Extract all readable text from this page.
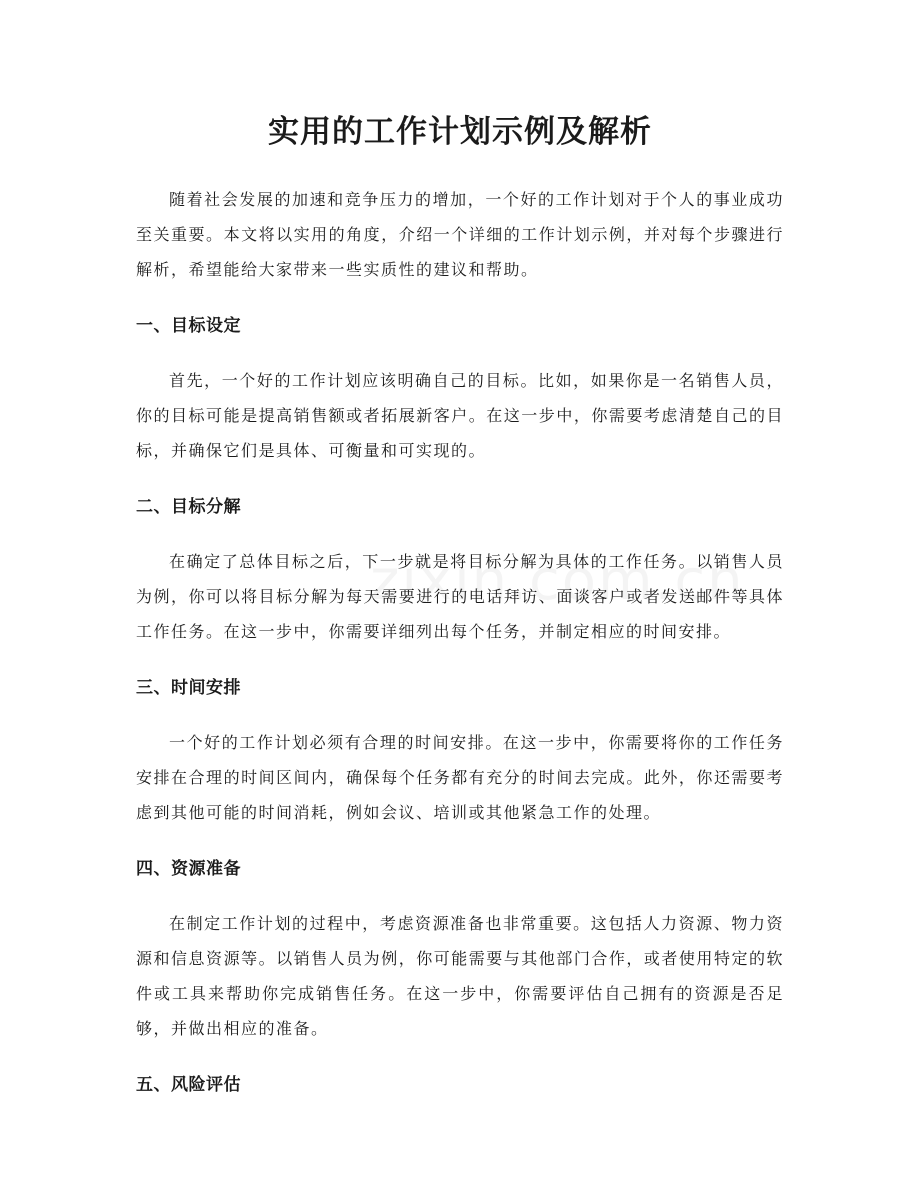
实用的工作计划示例及解析

随着社会发展的加速和竞争压力的增加，一个好的工作计划对于个人的事业成功至关重要。本文将以实用的角度，介绍一个详细的工作计划示例，并对每个步骤进行解析，希望能给大家带来一些实质性的建议和帮助。

一、目标设定

首先，一个好的工作计划应该明确自己的目标。比如，如果你是一名销售人员，你的目标可能是提高销售额或者拓展新客户。在这一步中，你需要考虑清楚自己的目标，并确保它们是具体、可衡量和可实现的。

二、目标分解

在确定了总体目标之后，下一步就是将目标分解为具体的工作任务。以销售人员为例，你可以将目标分解为每天需要进行的电话拜访、面谈客户或者发送邮件等具体工作任务。在这一步中，你需要详细列出每个任务，并制定相应的时间安排。

三、时间安排

一个好的工作计划必须有合理的时间安排。在这一步中，你需要将你的工作任务安排在合理的时间区间内，确保每个任务都有充分的时间去完成。此外，你还需要考虑到其他可能的时间消耗，例如会议、培训或其他紧急工作的处理。

四、资源准备

在制定工作计划的过程中，考虑资源准备也非常重要。这包括人力资源、物力资源和信息资源等。以销售人员为例，你可能需要与其他部门合作，或者使用特定的软件或工具来帮助你完成销售任务。在这一步中，你需要评估自己拥有的资源是否足够，并做出相应的准备。

五、风险评估
